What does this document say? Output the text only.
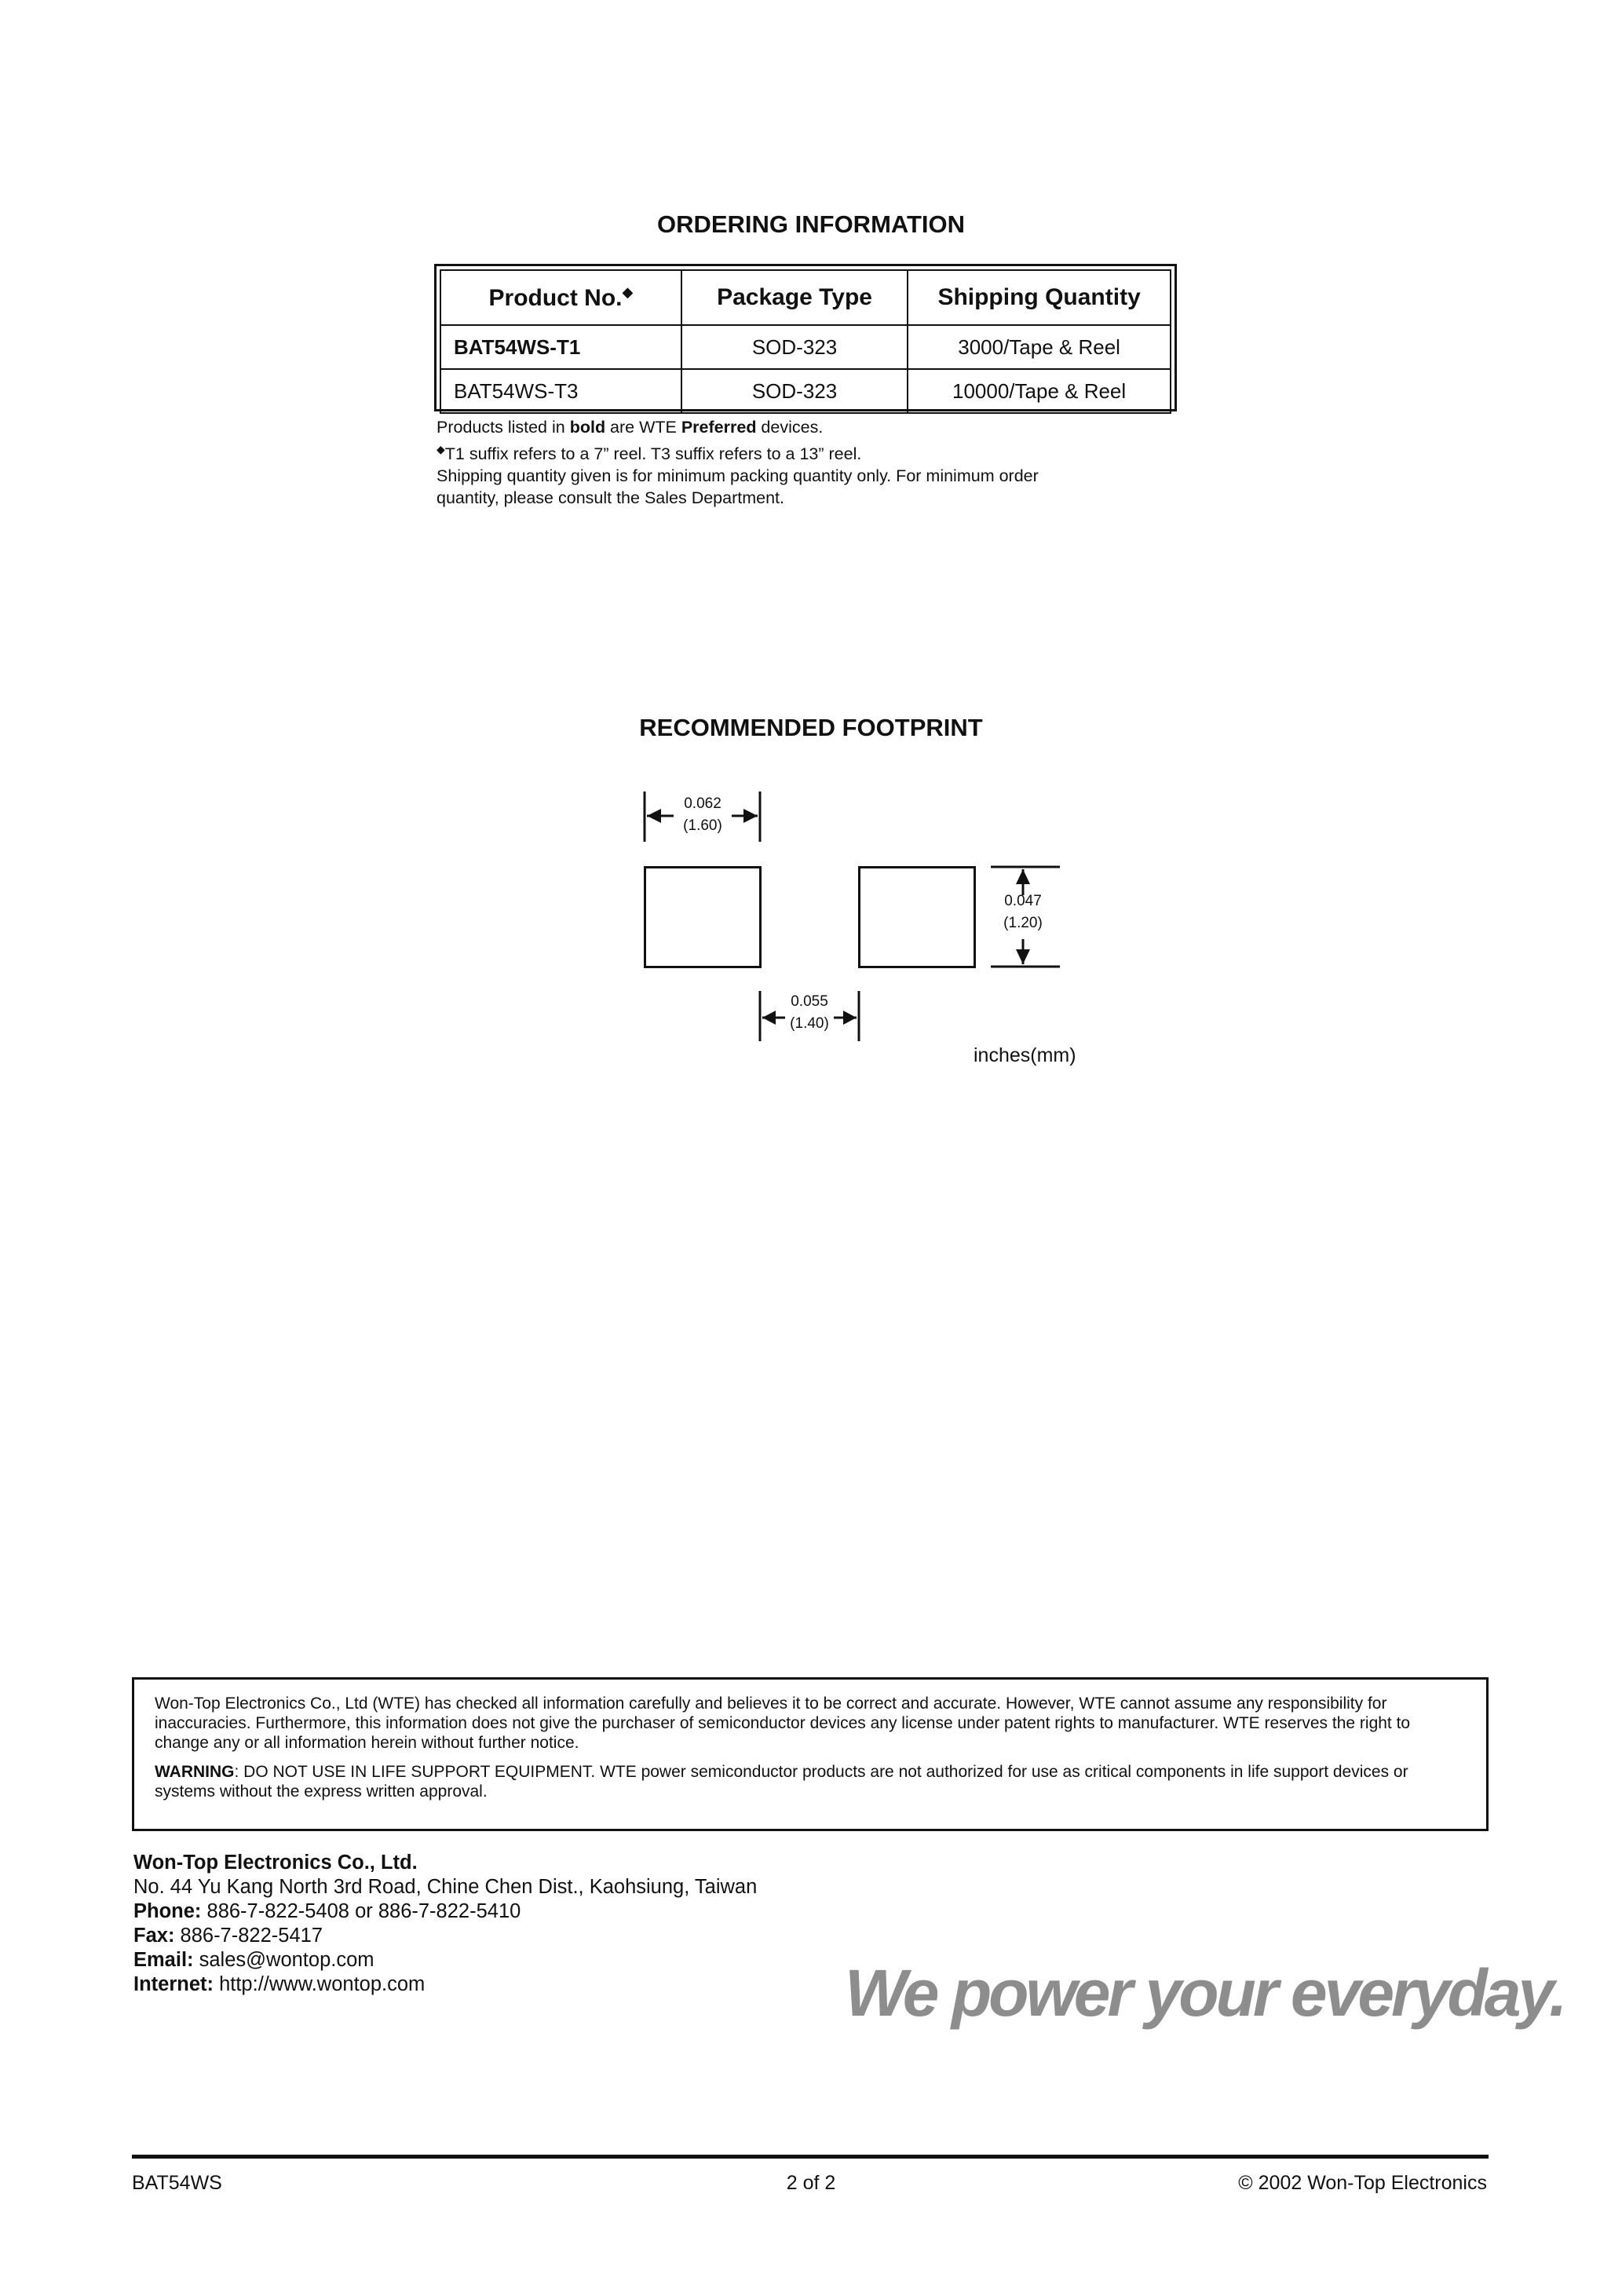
ORDERING INFORMATION
Product No.◆	Package Type	Shipping Quantity
BAT54WS-T1	SOD-323	3000/Tape & Reel
BAT54WS-T3	SOD-323	10000/Tape & Reel
Products listed in bold are WTE Preferred devices.
◆T1 suffix refers to a 7” reel. T3 suffix refers to a 13” reel.
Shipping quantity given is for minimum packing quantity only. For minimum order
quantity, please consult the Sales Department.
RECOMMENDED FOOTPRINT
0.062
(1.60)
0.047
(1.20)
0.055
(1.40)
inches(mm)

Won-Top Electronics Co., Ltd (WTE) has checked all information carefully and believes it to be correct and accurate. However, WTE cannot assume any responsibility for inaccuracies. Furthermore, this information does not give the purchaser of semiconductor devices any license under patent rights to manufacturer. WTE reserves the right to change any or all information herein without further notice.

WARNING: DO NOT USE IN LIFE SUPPORT EQUIPMENT. WTE power semiconductor products are not authorized for use as critical components in life support devices or systems without the express written approval.

Won-Top Electronics Co., Ltd.
No. 44 Yu Kang North 3rd Road, Chine Chen Dist., Kaohsiung, Taiwan
Phone: 886-7-822-5408 or 886-7-822-5410
Fax: 886-7-822-5417
Email: sales@wontop.com
Internet: http://www.wontop.com	We power your everyday.
BAT54WS	2 of 2	© 2002 Won-Top Electronics
